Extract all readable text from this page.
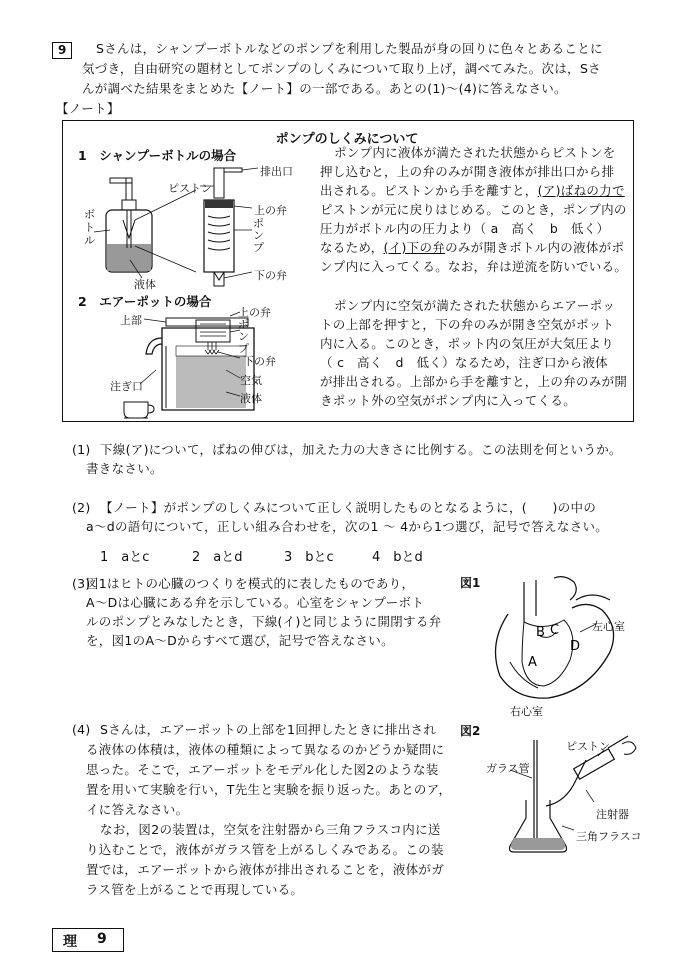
9	Sさんは，シャンプーボトルなどのポンプを利用した製品が身の回りに色々とあることに
気づき，自由研究の題材としてポンプのしくみについて取り上げ，調べてみた。次は，Sさ
んが調べた結果をまとめた【ノート】の一部である。あとの(1)～(4)に答えなさい。
【ノート】
ポンプのしくみについて
1　シャンプーボトルの場合
2　エアーポットの場合
排出口
ピストン
上の弁
ポンプ
ボトル
下の弁
液体
上部
上の弁
ポンプ
下の弁
注ぎ口	空気
液体
ポンプ内に液体が満たされた状態からピストンを
押し込むと，上の弁のみが開き液体が排出口から排
出される。ピストンから手を離すと，(ア)ばねの力で
ピストンが元に戻りはじめる。このとき，ポンプ内の
圧力がボトル内の圧力より（ a　高く　b　低く）
なるため，(イ)下の弁のみが開きボトル内の液体がポ
ンプ内に入ってくる。なお，弁は逆流を防いでいる。
ポンプ内に空気が満たされた状態からエアーポッ
トの上部を押すと，下の弁のみが開き空気がポット
内に入る。このとき，ポット内の気圧が大気圧より
（ c　高く　d　低く）なるため，注ぎ口から液体
が排出される。上部から手を離すと，上の弁のみが開
きポット外の空気がポンプ内に入ってくる。
(1) 下線(ア)について，ばねの伸びは，加えた力の大きさに比例する。この法則を何というか。
書きなさい。
(2) 【ノート】がポンプのしくみについて正しく説明したものとなるように，(　　)の中の
a～dの語句について，正しい組み合わせを，次の1 ～ 4から1つ選び，記号で答えなさい。
1　 aとc	2　 aとd	3　 bとc	4　 bとd
(3)
図1はヒトの心臓のつくりを模式的に表したものであり，
A～Dは心臓にある弁を示している。心室をシャンプーボト
ルのポンプとみなしたとき，下線(イ)と同じように開閉する弁
を，図1のA～Dからすべて選び，記号で答えなさい。
図1
B C
D
A
左心室
右心室
(4) Sさんは，エアーポットの上部を1回押したときに排出され
る液体の体積は，液体の種類によって異なるのかどうか疑問に
思った。そこで，エアーポットをモデル化した図2のような装
置を用いて実験を行い，T先生と実験を振り返った。あとのア，
イに答えなさい。
なお，図2の装置は，空気を注射器から三角フラスコ内に送
り込むことで，液体がガラス管を上がるしくみである。この装
置では，エアーポットから液体が排出されることを，液体がガ
ラス管を上がることで再現している。
図2
ピストン
ガラス管
注射器
三角フラスコ
理 9
